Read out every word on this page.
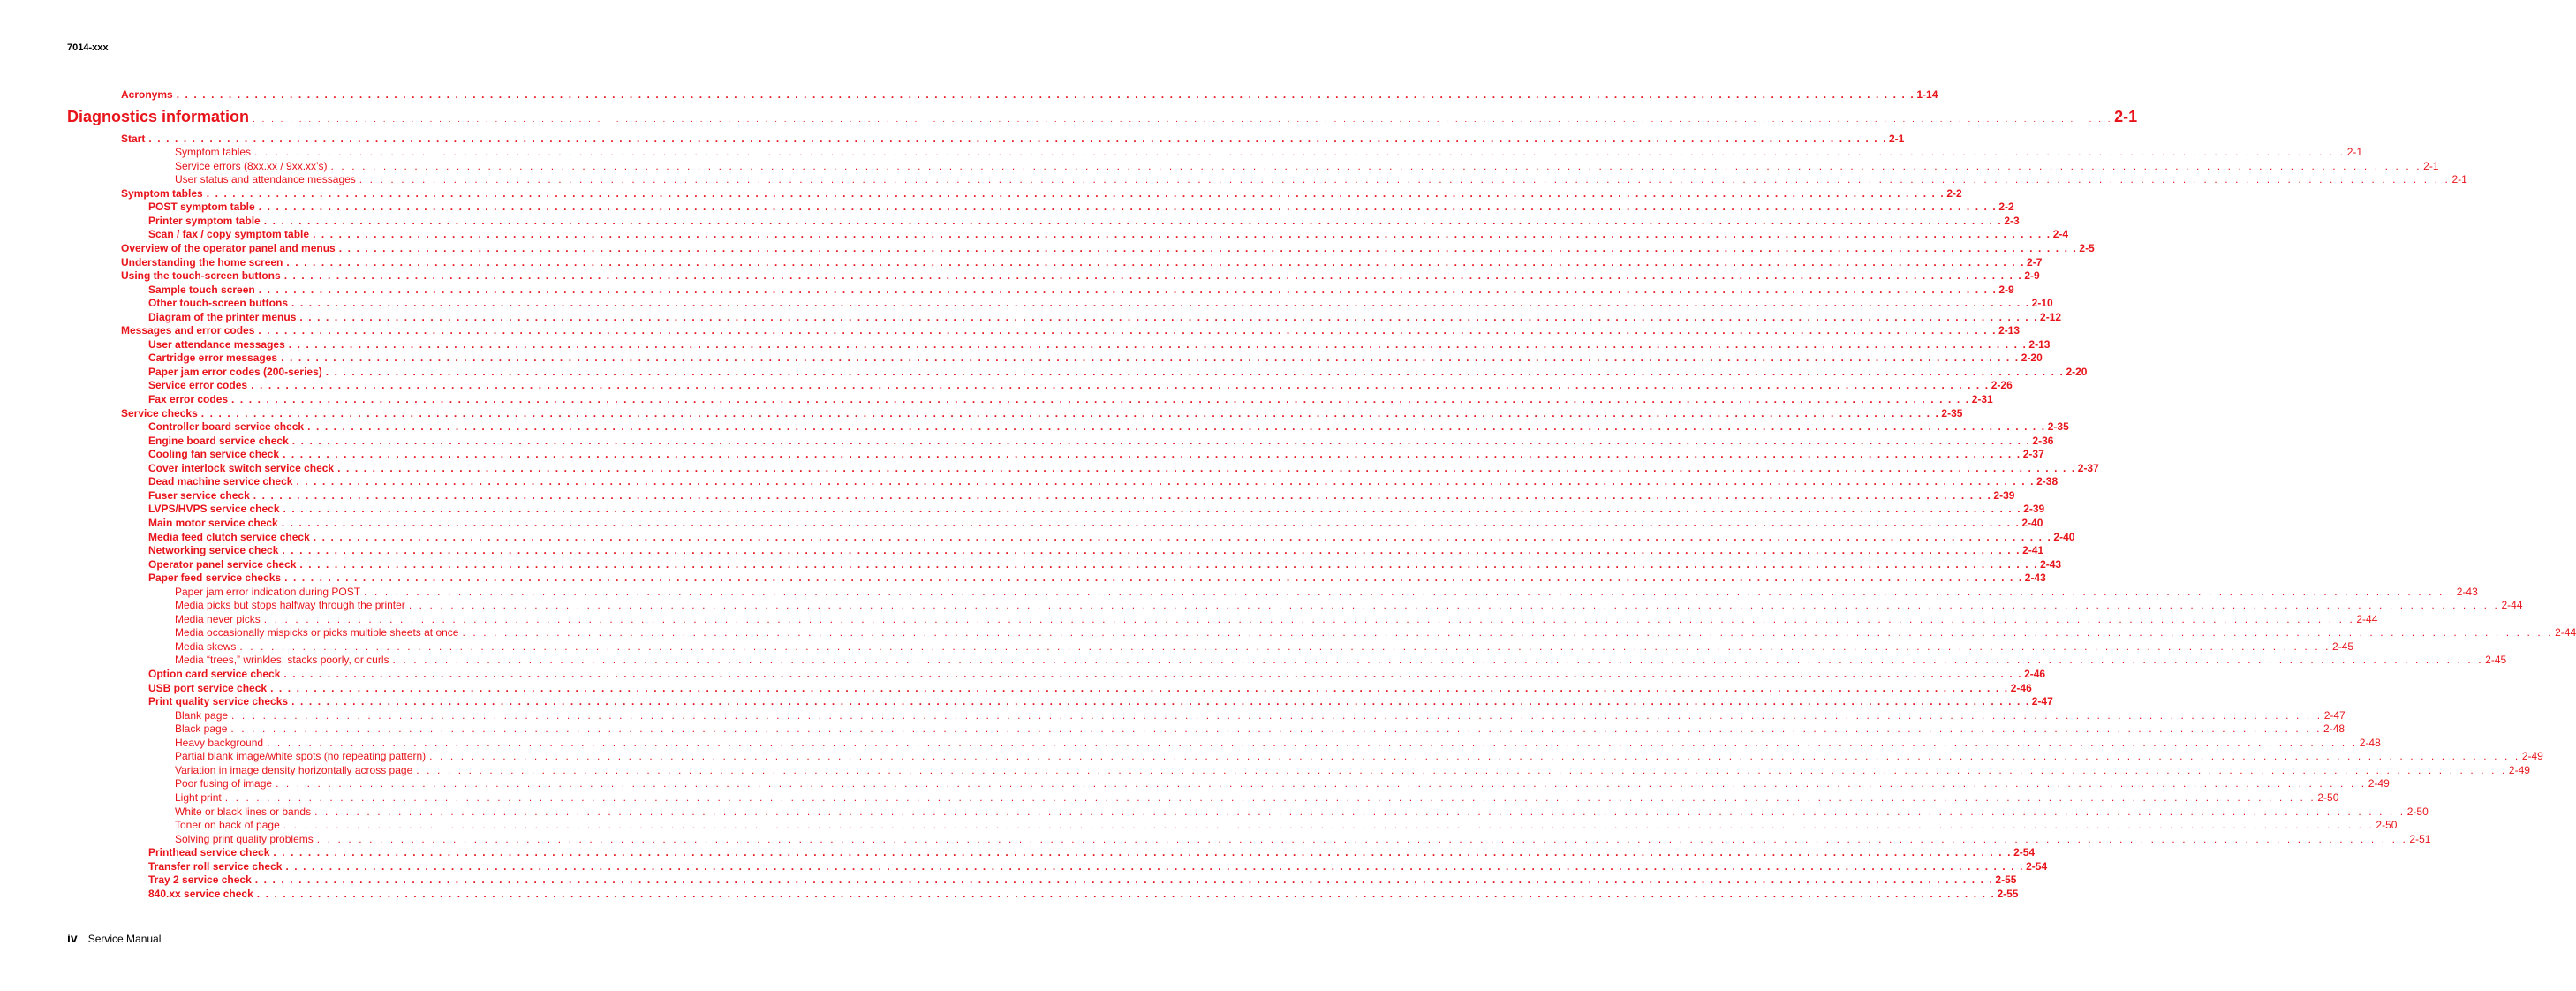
7014-xxx
Acronyms . . . . . . . . . . . . . . . . . . . . . . . . . . . . . . . . . . . . . . . . . . . . . . . . . . . . . . . . . . . . . . . . . . . . . . . . . . . . . . . . . . . . . . . . . . . . . . . . . . . . . . . . . . . . . . . . . . . . . . . . . . . . . . . . . . . . . . . . . . . . . . . . . . . . . . . . . . . . . . . . . . . . . . . . . . . . . . . . . . . . . . . . . . . . . . . . . . . . . . . . 1-14
Diagnostics information . . . . . . . . . . . . . . . . . . . . . . . . . . . . . . . . . . . . . . . . . . . . . . . . . . . . . . . . . . . . . . . . . . . . . . . . . . . . . . . . . . . . . . . . . . . . . . . . . . . . . . . . . . . . . . . . . . . . . . . . . . . . . . . . . . . . . . . . . . . . . . . . . . . . . . . . . . . . . . . . . . . . . . . . . . . . . . . . . . . . . . . . . . . . . . . . . . . . . . . . 2-1
Start . . . . . . . . . . . . . . . . . . . . . . . . . . . . . . . . . . . . . . . . . . . . . . . . . . . . . . . . . . . . . . . . . . . . . . . . . . . . . . . . . . . . . . . . . . . . . . . . . . . . . . . . . . . . . . . . . . . . . . . . . . . . . . . . . . . . . . . . . . . . . . . . . . . . . . . . . . . . . . . . . . . . . . . . . . . . . . . . . . . . . . . . . . . . . . . . . . . . . . . . 2-1
Symptom tables . . . . . . . . . . . . . . . . . . . . . . . . . . . . . . . . . . . . . . . . . . . . . . . . . . . . . . . . . . . . . . . . . . . . . . . . . . . . . . . . . . . . . . . . . . . . . . . . . . . . . . . . . . . . . . . . . . . . . . . . . . . . . . . . . . . . . . . . . . . . . . . . . . . . . . . . . . . . . . . . . . . . . . . . . . . . . . . . . . . . . . . . . . . . . . . . . . . . . . . . 2-1
Service errors (8xx.xx / 9xx.xx’s) . . . . . . . . . . . . . . . . . . . . . . . . . . . . . . . . . . . . . . . . . . . . . . . . . . . . . . . . . . . . . . . . . . . . . . . . . . . . . . . . . . . . . . . . . . . . . . . . . . . . . . . . . . . . . . . . . . . . . . . . . . . . . . . . . . . . . . . . . . . . . . . . . . . . . . . . . . . . . . . . . . . . . . . . . . . . . . . . . . . . . . . . . . . . . . . . . . . . . . . . 2-1
User status and attendance messages . . . . . . . . . . . . . . . . . . . . . . . . . . . . . . . . . . . . . . . . . . . . . . . . . . . . . . . . . . . . . . . . . . . . . . . . . . . . . . . . . . . . . . . . . . . . . . . . . . . . . . . . . . . . . . . . . . . . . . . . . . . . . . . . . . . . . . . . . . . . . . . . . . . . . . . . . . . . . . . . . . . . . . . . . . . . . . . . . . . . . . . . . . . . . . . . . . . . . . . . 2-1
Symptom tables . . . . . . . . . . . . . . . . . . . . . . . . . . . . . . . . . . . . . . . . . . . . . . . . . . . . . . . . . . . . . . . . . . . . . . . . . . . . . . . . . . . . . . . . . . . . . . . . . . . . . . . . . . . . . . . . . . . . . . . . . . . . . . . . . . . . . . . . . . . . . . . . . . . . . . . . . . . . . . . . . . . . . . . . . . . . . . . . . . . . . . . . . . . . . . . . . . . . . . . . 2-2
POST symptom table . . . . . . . . . . . . . . . . . . . . . . . . . . . . . . . . . . . . . . . . . . . . . . . . . . . . . . . . . . . . . . . . . . . . . . . . . . . . . . . . . . . . . . . . . . . . . . . . . . . . . . . . . . . . . . . . . . . . . . . . . . . . . . . . . . . . . . . . . . . . . . . . . . . . . . . . . . . . . . . . . . . . . . . . . . . . . . . . . . . . . . . . . . . . . . . . . . . . . . . . 2-2
Printer symptom table . . . . . . . . . . . . . . . . . . . . . . . . . . . . . . . . . . . . . . . . . . . . . . . . . . . . . . . . . . . . . . . . . . . . . . . . . . . . . . . . . . . . . . . . . . . . . . . . . . . . . . . . . . . . . . . . . . . . . . . . . . . . . . . . . . . . . . . . . . . . . . . . . . . . . . . . . . . . . . . . . . . . . . . . . . . . . . . . . . . . . . . . . . . . . . . . . . . . . . . . 2-3
Scan / fax / copy symptom table . . . . . . . . . . . . . . . . . . . . . . . . . . . . . . . . . . . . . . . . . . . . . . . . . . . . . . . . . . . . . . . . . . . . . . . . . . . . . . . . . . . . . . . . . . . . . . . . . . . . . . . . . . . . . . . . . . . . . . . . . . . . . . . . . . . . . . . . . . . . . . . . . . . . . . . . . . . . . . . . . . . . . . . . . . . . . . . . . . . . . . . . . . . . . . . . . . . . . . . . 2-4
Overview of the operator panel and menus . . . . . . . . . . . . . . . . . . . . . . . . . . . . . . . . . . . . . . . . . . . . . . . . . . . . . . . . . . . . . . . . . . . . . . . . . . . . . . . . . . . . . . . . . . . . . . . . . . . . . . . . . . . . . . . . . . . . . . . . . . . . . . . . . . . . . . . . . . . . . . . . . . . . . . . . . . . . . . . . . . . . . . . . . . . . . . . . . . . . . . . . . . . . . . . . . . . . . . . . 2-5
Understanding the home screen . . . . . . . . . . . . . . . . . . . . . . . . . . . . . . . . . . . . . . . . . . . . . . . . . . . . . . . . . . . . . . . . . . . . . . . . . . . . . . . . . . . . . . . . . . . . . . . . . . . . . . . . . . . . . . . . . . . . . . . . . . . . . . . . . . . . . . . . . . . . . . . . . . . . . . . . . . . . . . . . . . . . . . . . . . . . . . . . . . . . . . . . . . . . . . . . . . . . . . . . 2-7
Using the touch-screen buttons . . . . . . . . . . . . . . . . . . . . . . . . . . . . . . . . . . . . . . . . . . . . . . . . . . . . . . . . . . . . . . . . . . . . . . . . . . . . . . . . . . . . . . . . . . . . . . . . . . . . . . . . . . . . . . . . . . . . . . . . . . . . . . . . . . . . . . . . . . . . . . . . . . . . . . . . . . . . . . . . . . . . . . . . . . . . . . . . . . . . . . . . . . . . . . . . . . . . . . . . 2-9
Sample touch screen . . . . . . . . . . . . . . . . . . . . . . . . . . . . . . . . . . . . . . . . . . . . . . . . . . . . . . . . . . . . . . . . . . . . . . . . . . . . . . . . . . . . . . . . . . . . . . . . . . . . . . . . . . . . . . . . . . . . . . . . . . . . . . . . . . . . . . . . . . . . . . . . . . . . . . . . . . . . . . . . . . . . . . . . . . . . . . . . . . . . . . . . . . . . . . . . . . . . . . . . 2-9
Other touch-screen buttons . . . . . . . . . . . . . . . . . . . . . . . . . . . . . . . . . . . . . . . . . . . . . . . . . . . . . . . . . . . . . . . . . . . . . . . . . . . . . . . . . . . . . . . . . . . . . . . . . . . . . . . . . . . . . . . . . . . . . . . . . . . . . . . . . . . . . . . . . . . . . . . . . . . . . . . . . . . . . . . . . . . . . . . . . . . . . . . . . . . . . . . . . . . . . . . . . . . . . . . . 2-10
Diagram of the printer menus . . . . . . . . . . . . . . . . . . . . . . . . . . . . . . . . . . . . . . . . . . . . . . . . . . . . . . . . . . . . . . . . . . . . . . . . . . . . . . . . . . . . . . . . . . . . . . . . . . . . . . . . . . . . . . . . . . . . . . . . . . . . . . . . . . . . . . . . . . . . . . . . . . . . . . . . . . . . . . . . . . . . . . . . . . . . . . . . . . . . . . . . . . . . . . . . . . . . . . . . 2-12
Messages and error codes . . . . . . . . . . . . . . . . . . . . . . . . . . . . . . . . . . . . . . . . . . . . . . . . . . . . . . . . . . . . . . . . . . . . . . . . . . . . . . . . . . . . . . . . . . . . . . . . . . . . . . . . . . . . . . . . . . . . . . . . . . . . . . . . . . . . . . . . . . . . . . . . . . . . . . . . . . . . . . . . . . . . . . . . . . . . . . . . . . . . . . . . . . . . . . . . . . . . . . . . 2-13
User attendance messages . . . . . . . . . . . . . . . . . . . . . . . . . . . . . . . . . . . . . . . . . . . . . . . . . . . . . . . . . . . . . . . . . . . . . . . . . . . . . . . . . . . . . . . . . . . . . . . . . . . . . . . . . . . . . . . . . . . . . . . . . . . . . . . . . . . . . . . . . . . . . . . . . . . . . . . . . . . . . . . . . . . . . . . . . . . . . . . . . . . . . . . . . . . . . . . . . . . . . . . . 2-13
Cartridge error messages . . . . . . . . . . . . . . . . . . . . . . . . . . . . . . . . . . . . . . . . . . . . . . . . . . . . . . . . . . . . . . . . . . . . . . . . . . . . . . . . . . . . . . . . . . . . . . . . . . . . . . . . . . . . . . . . . . . . . . . . . . . . . . . . . . . . . . . . . . . . . . . . . . . . . . . . . . . . . . . . . . . . . . . . . . . . . . . . . . . . . . . . . . . . . . . . . . . . . . . . 2-20
Paper jam error codes (200-series) . . . . . . . . . . . . . . . . . . . . . . . . . . . . . . . . . . . . . . . . . . . . . . . . . . . . . . . . . . . . . . . . . . . . . . . . . . . . . . . . . . . . . . . . . . . . . . . . . . . . . . . . . . . . . . . . . . . . . . . . . . . . . . . . . . . . . . . . . . . . . . . . . . . . . . . . . . . . . . . . . . . . . . . . . . . . . . . . . . . . . . . . . . . . . . . . . . . . . . . . 2-20
Service error codes . . . . . . . . . . . . . . . . . . . . . . . . . . . . . . . . . . . . . . . . . . . . . . . . . . . . . . . . . . . . . . . . . . . . . . . . . . . . . . . . . . . . . . . . . . . . . . . . . . . . . . . . . . . . . . . . . . . . . . . . . . . . . . . . . . . . . . . . . . . . . . . . . . . . . . . . . . . . . . . . . . . . . . . . . . . . . . . . . . . . . . . . . . . . . . . . . . . . . . . . 2-26
Fax error codes . . . . . . . . . . . . . . . . . . . . . . . . . . . . . . . . . . . . . . . . . . . . . . . . . . . . . . . . . . . . . . . . . . . . . . . . . . . . . . . . . . . . . . . . . . . . . . . . . . . . . . . . . . . . . . . . . . . . . . . . . . . . . . . . . . . . . . . . . . . . . . . . . . . . . . . . . . . . . . . . . . . . . . . . . . . . . . . . . . . . . . . . . . . . . . . . . . . . . . . . 2-31
Service checks . . . . . . . . . . . . . . . . . . . . . . . . . . . . . . . . . . . . . . . . . . . . . . . . . . . . . . . . . . . . . . . . . . . . . . . . . . . . . . . . . . . . . . . . . . . . . . . . . . . . . . . . . . . . . . . . . . . . . . . . . . . . . . . . . . . . . . . . . . . . . . . . . . . . . . . . . . . . . . . . . . . . . . . . . . . . . . . . . . . . . . . . . . . . . . . . . . . . . . . . 2-35
Controller board service check . . . . . . . . . . . . . . . . . . . . . . . . . . . . . . . . . . . . . . . . . . . . . . . . . . . . . . . . . . . . . . . . . . . . . . . . . . . . . . . . . . . . . . . . . . . . . . . . . . . . . . . . . . . . . . . . . . . . . . . . . . . . . . . . . . . . . . . . . . . . . . . . . . . . . . . . . . . . . . . . . . . . . . . . . . . . . . . . . . . . . . . . . . . . . . . . . . . . . . . . 2-35
Engine board service check . . . . . . . . . . . . . . . . . . . . . . . . . . . . . . . . . . . . . . . . . . . . . . . . . . . . . . . . . . . . . . . . . . . . . . . . . . . . . . . . . . . . . . . . . . . . . . . . . . . . . . . . . . . . . . . . . . . . . . . . . . . . . . . . . . . . . . . . . . . . . . . . . . . . . . . . . . . . . . . . . . . . . . . . . . . . . . . . . . . . . . . . . . . . . . . . . . . . . . . . 2-36
Cooling fan service check . . . . . . . . . . . . . . . . . . . . . . . . . . . . . . . . . . . . . . . . . . . . . . . . . . . . . . . . . . . . . . . . . . . . . . . . . . . . . . . . . . . . . . . . . . . . . . . . . . . . . . . . . . . . . . . . . . . . . . . . . . . . . . . . . . . . . . . . . . . . . . . . . . . . . . . . . . . . . . . . . . . . . . . . . . . . . . . . . . . . . . . . . . . . . . . . . . . . . . . . 2-37
Cover interlock switch service check . . . . . . . . . . . . . . . . . . . . . . . . . . . . . . . . . . . . . . . . . . . . . . . . . . . . . . . . . . . . . . . . . . . . . . . . . . . . . . . . . . . . . . . . . . . . . . . . . . . . . . . . . . . . . . . . . . . . . . . . . . . . . . . . . . . . . . . . . . . . . . . . . . . . . . . . . . . . . . . . . . . . . . . . . . . . . . . . . . . . . . . . . . . . . . . . . . . . . . . . 2-37
Dead machine service check . . . . . . . . . . . . . . . . . . . . . . . . . . . . . . . . . . . . . . . . . . . . . . . . . . . . . . . . . . . . . . . . . . . . . . . . . . . . . . . . . . . . . . . . . . . . . . . . . . . . . . . . . . . . . . . . . . . . . . . . . . . . . . . . . . . . . . . . . . . . . . . . . . . . . . . . . . . . . . . . . . . . . . . . . . . . . . . . . . . . . . . . . . . . . . . . . . . . . . . . 2-38
Fuser service check . . . . . . . . . . . . . . . . . . . . . . . . . . . . . . . . . . . . . . . . . . . . . . . . . . . . . . . . . . . . . . . . . . . . . . . . . . . . . . . . . . . . . . . . . . . . . . . . . . . . . . . . . . . . . . . . . . . . . . . . . . . . . . . . . . . . . . . . . . . . . . . . . . . . . . . . . . . . . . . . . . . . . . . . . . . . . . . . . . . . . . . . . . . . . . . . . . . . . . . . 2-39
LVPS/HVPS service check . . . . . . . . . . . . . . . . . . . . . . . . . . . . . . . . . . . . . . . . . . . . . . . . . . . . . . . . . . . . . . . . . . . . . . . . . . . . . . . . . . . . . . . . . . . . . . . . . . . . . . . . . . . . . . . . . . . . . . . . . . . . . . . . . . . . . . . . . . . . . . . . . . . . . . . . . . . . . . . . . . . . . . . . . . . . . . . . . . . . . . . . . . . . . . . . . . . . . . . . 2-39
Main motor service check . . . . . . . . . . . . . . . . . . . . . . . . . . . . . . . . . . . . . . . . . . . . . . . . . . . . . . . . . . . . . . . . . . . . . . . . . . . . . . . . . . . . . . . . . . . . . . . . . . . . . . . . . . . . . . . . . . . . . . . . . . . . . . . . . . . . . . . . . . . . . . . . . . . . . . . . . . . . . . . . . . . . . . . . . . . . . . . . . . . . . . . . . . . . . . . . . . . . . . . . 2-40
Media feed clutch service check . . . . . . . . . . . . . . . . . . . . . . . . . . . . . . . . . . . . . . . . . . . . . . . . . . . . . . . . . . . . . . . . . . . . . . . . . . . . . . . . . . . . . . . . . . . . . . . . . . . . . . . . . . . . . . . . . . . . . . . . . . . . . . . . . . . . . . . . . . . . . . . . . . . . . . . . . . . . . . . . . . . . . . . . . . . . . . . . . . . . . . . . . . . . . . . . . . . . . . . . 2-40
Networking service check . . . . . . . . . . . . . . . . . . . . . . . . . . . . . . . . . . . . . . . . . . . . . . . . . . . . . . . . . . . . . . . . . . . . . . . . . . . . . . . . . . . . . . . . . . . . . . . . . . . . . . . . . . . . . . . . . . . . . . . . . . . . . . . . . . . . . . . . . . . . . . . . . . . . . . . . . . . . . . . . . . . . . . . . . . . . . . . . . . . . . . . . . . . . . . . . . . . . . . . . 2-41
Operator panel service check . . . . . . . . . . . . . . . . . . . . . . . . . . . . . . . . . . . . . . . . . . . . . . . . . . . . . . . . . . . . . . . . . . . . . . . . . . . . . . . . . . . . . . . . . . . . . . . . . . . . . . . . . . . . . . . . . . . . . . . . . . . . . . . . . . . . . . . . . . . . . . . . . . . . . . . . . . . . . . . . . . . . . . . . . . . . . . . . . . . . . . . . . . . . . . . . . . . . . . . . 2-43
Paper feed service checks . . . . . . . . . . . . . . . . . . . . . . . . . . . . . . . . . . . . . . . . . . . . . . . . . . . . . . . . . . . . . . . . . . . . . . . . . . . . . . . . . . . . . . . . . . . . . . . . . . . . . . . . . . . . . . . . . . . . . . . . . . . . . . . . . . . . . . . . . . . . . . . . . . . . . . . . . . . . . . . . . . . . . . . . . . . . . . . . . . . . . . . . . . . . . . . . . . . . . . . . 2-43
Paper jam error indication during POST . . . . . . . . . . . . . . . . . . . . . . . . . . . . . . . . . . . . . . . . . . . . . . . . . . . . . . . . . . . . . . . . . . . . . . . . . . . . . . . . . . . . . . . . . . . . . . . . . . . . . . . . . . . . . . . . . . . . . . . . . . . . . . . . . . . . . . . . . . . . . . . . . . . . . . . . . . . . . . . . . . . . . . . . . . . . . . . . . . . . . . . . . . . . . . . . . . . . . . . . 2-43
Media picks but stops halfway through the printer . . . . . . . . . . . . . . . . . . . . . . . . . . . . . . . . . . . . . . . . . . . . . . . . . . . . . . . . . . . . . . . . . . . . . . . . . . . . . . . . . . . . . . . . . . . . . . . . . . . . . . . . . . . . . . . . . . . . . . . . . . . . . . . . . . . . . . . . . . . . . . . . . . . . . . . . . . . . . . . . . . . . . . . . . . . . . . . . . . . . . . . . . . . . . . . . . . . . . . . . 2-44
Media never picks . . . . . . . . . . . . . . . . . . . . . . . . . . . . . . . . . . . . . . . . . . . . . . . . . . . . . . . . . . . . . . . . . . . . . . . . . . . . . . . . . . . . . . . . . . . . . . . . . . . . . . . . . . . . . . . . . . . . . . . . . . . . . . . . . . . . . . . . . . . . . . . . . . . . . . . . . . . . . . . . . . . . . . . . . . . . . . . . . . . . . . . . . . . . . . . . . . . . . . . . 2-44
Media occasionally mispicks or picks multiple sheets at once . . . . . . . . . . . . . . . . . . . . . . . . . . . . . . . . . . . . . . . . . . . . . . . . . . . . . . . . . . . . . . . . . . . . . . . . . . . . . . . . . . . . . . . . . . . . . . . . . . . . . . . . . . . . . . . . . . . . . . . . . . . . . . . . . . . . . . . . . . . . . . . . . . . . . . . . . . . . . . . . . . . . . . . . . . . . . . . . . . . . . . . . . . . . . . . . . . . . . . . . 2-44
Media skews . . . . . . . . . . . . . . . . . . . . . . . . . . . . . . . . . . . . . . . . . . . . . . . . . . . . . . . . . . . . . . . . . . . . . . . . . . . . . . . . . . . . . . . . . . . . . . . . . . . . . . . . . . . . . . . . . . . . . . . . . . . . . . . . . . . . . . . . . . . . . . . . . . . . . . . . . . . . . . . . . . . . . . . . . . . . . . . . . . . . . . . . . . . . . . . . . . . . . . . . 2-45
Media “trees,” wrinkles, stacks poorly, or curls . . . . . . . . . . . . . . . . . . . . . . . . . . . . . . . . . . . . . . . . . . . . . . . . . . . . . . . . . . . . . . . . . . . . . . . . . . . . . . . . . . . . . . . . . . . . . . . . . . . . . . . . . . . . . . . . . . . . . . . . . . . . . . . . . . . . . . . . . . . . . . . . . . . . . . . . . . . . . . . . . . . . . . . . . . . . . . . . . . . . . . . . . . . . . . . . . . . . . . . . 2-45
Option card service check . . . . . . . . . . . . . . . . . . . . . . . . . . . . . . . . . . . . . . . . . . . . . . . . . . . . . . . . . . . . . . . . . . . . . . . . . . . . . . . . . . . . . . . . . . . . . . . . . . . . . . . . . . . . . . . . . . . . . . . . . . . . . . . . . . . . . . . . . . . . . . . . . . . . . . . . . . . . . . . . . . . . . . . . . . . . . . . . . . . . . . . . . . . . . . . . . . . . . . . . 2-46
USB port service check . . . . . . . . . . . . . . . . . . . . . . . . . . . . . . . . . . . . . . . . . . . . . . . . . . . . . . . . . . . . . . . . . . . . . . . . . . . . . . . . . . . . . . . . . . . . . . . . . . . . . . . . . . . . . . . . . . . . . . . . . . . . . . . . . . . . . . . . . . . . . . . . . . . . . . . . . . . . . . . . . . . . . . . . . . . . . . . . . . . . . . . . . . . . . . . . . . . . . . . . 2-46
Print quality service checks . . . . . . . . . . . . . . . . . . . . . . . . . . . . . . . . . . . . . . . . . . . . . . . . . . . . . . . . . . . . . . . . . . . . . . . . . . . . . . . . . . . . . . . . . . . . . . . . . . . . . . . . . . . . . . . . . . . . . . . . . . . . . . . . . . . . . . . . . . . . . . . . . . . . . . . . . . . . . . . . . . . . . . . . . . . . . . . . . . . . . . . . . . . . . . . . . . . . . . . . 2-47
Blank page . . . . . . . . . . . . . . . . . . . . . . . . . . . . . . . . . . . . . . . . . . . . . . . . . . . . . . . . . . . . . . . . . . . . . . . . . . . . . . . . . . . . . . . . . . . . . . . . . . . . . . . . . . . . . . . . . . . . . . . . . . . . . . . . . . . . . . . . . . . . . . . . . . . . . . . . . . . . . . . . . . . . . . . . . . . . . . . . . . . . . . . . . . . . . . . . . . . . . . . . 2-47
Black page . . . . . . . . . . . . . . . . . . . . . . . . . . . . . . . . . . . . . . . . . . . . . . . . . . . . . . . . . . . . . . . . . . . . . . . . . . . . . . . . . . . . . . . . . . . . . . . . . . . . . . . . . . . . . . . . . . . . . . . . . . . . . . . . . . . . . . . . . . . . . . . . . . . . . . . . . . . . . . . . . . . . . . . . . . . . . . . . . . . . . . . . . . . . . . . . . . . . . . . . 2-48
Heavy background . . . . . . . . . . . . . . . . . . . . . . . . . . . . . . . . . . . . . . . . . . . . . . . . . . . . . . . . . . . . . . . . . . . . . . . . . . . . . . . . . . . . . . . . . . . . . . . . . . . . . . . . . . . . . . . . . . . . . . . . . . . . . . . . . . . . . . . . . . . . . . . . . . . . . . . . . . . . . . . . . . . . . . . . . . . . . . . . . . . . . . . . . . . . . . . . . . . . . . . . 2-48
Partial blank image/white spots (no repeating pattern) . . . . . . . . . . . . . . . . . . . . . . . . . . . . . . . . . . . . . . . . . . . . . . . . . . . . . . . . . . . . . . . . . . . . . . . . . . . . . . . . . . . . . . . . . . . . . . . . . . . . . . . . . . . . . . . . . . . . . . . . . . . . . . . . . . . . . . . . . . . . . . . . . . . . . . . . . . . . . . . . . . . . . . . . . . . . . . . . . . . . . . . . . . . . . . . . . . . . . . . . 2-49
Variation in image density horizontally across page . . . . . . . . . . . . . . . . . . . . . . . . . . . . . . . . . . . . . . . . . . . . . . . . . . . . . . . . . . . . . . . . . . . . . . . . . . . . . . . . . . . . . . . . . . . . . . . . . . . . . . . . . . . . . . . . . . . . . . . . . . . . . . . . . . . . . . . . . . . . . . . . . . . . . . . . . . . . . . . . . . . . . . . . . . . . . . . . . . . . . . . . . . . . . . . . . . . . . . . . 2-49
Poor fusing of image . . . . . . . . . . . . . . . . . . . . . . . . . . . . . . . . . . . . . . . . . . . . . . . . . . . . . . . . . . . . . . . . . . . . . . . . . . . . . . . . . . . . . . . . . . . . . . . . . . . . . . . . . . . . . . . . . . . . . . . . . . . . . . . . . . . . . . . . . . . . . . . . . . . . . . . . . . . . . . . . . . . . . . . . . . . . . . . . . . . . . . . . . . . . . . . . . . . . . . . . 2-49
Light print . . . . . . . . . . . . . . . . . . . . . . . . . . . . . . . . . . . . . . . . . . . . . . . . . . . . . . . . . . . . . . . . . . . . . . . . . . . . . . . . . . . . . . . . . . . . . . . . . . . . . . . . . . . . . . . . . . . . . . . . . . . . . . . . . . . . . . . . . . . . . . . . . . . . . . . . . . . . . . . . . . . . . . . . . . . . . . . . . . . . . . . . . . . . . . . . . . . . . . . . 2-50
White or black lines or bands . . . . . . . . . . . . . . . . . . . . . . . . . . . . . . . . . . . . . . . . . . . . . . . . . . . . . . . . . . . . . . . . . . . . . . . . . . . . . . . . . . . . . . . . . . . . . . . . . . . . . . . . . . . . . . . . . . . . . . . . . . . . . . . . . . . . . . . . . . . . . . . . . . . . . . . . . . . . . . . . . . . . . . . . . . . . . . . . . . . . . . . . . . . . . . . . . . . . . . . . 2-50
Toner on back of page . . . . . . . . . . . . . . . . . . . . . . . . . . . . . . . . . . . . . . . . . . . . . . . . . . . . . . . . . . . . . . . . . . . . . . . . . . . . . . . . . . . . . . . . . . . . . . . . . . . . . . . . . . . . . . . . . . . . . . . . . . . . . . . . . . . . . . . . . . . . . . . . . . . . . . . . . . . . . . . . . . . . . . . . . . . . . . . . . . . . . . . . . . . . . . . . . . . . . . . . 2-50
Solving print quality problems . . . . . . . . . . . . . . . . . . . . . . . . . . . . . . . . . . . . . . . . . . . . . . . . . . . . . . . . . . . . . . . . . . . . . . . . . . . . . . . . . . . . . . . . . . . . . . . . . . . . . . . . . . . . . . . . . . . . . . . . . . . . . . . . . . . . . . . . . . . . . . . . . . . . . . . . . . . . . . . . . . . . . . . . . . . . . . . . . . . . . . . . . . . . . . . . . . . . . . . . 2-51
Printhead service check . . . . . . . . . . . . . . . . . . . . . . . . . . . . . . . . . . . . . . . . . . . . . . . . . . . . . . . . . . . . . . . . . . . . . . . . . . . . . . . . . . . . . . . . . . . . . . . . . . . . . . . . . . . . . . . . . . . . . . . . . . . . . . . . . . . . . . . . . . . . . . . . . . . . . . . . . . . . . . . . . . . . . . . . . . . . . . . . . . . . . . . . . . . . . . . . . . . . . . . . 2-54
Transfer roll service check . . . . . . . . . . . . . . . . . . . . . . . . . . . . . . . . . . . . . . . . . . . . . . . . . . . . . . . . . . . . . . . . . . . . . . . . . . . . . . . . . . . . . . . . . . . . . . . . . . . . . . . . . . . . . . . . . . . . . . . . . . . . . . . . . . . . . . . . . . . . . . . . . . . . . . . . . . . . . . . . . . . . . . . . . . . . . . . . . . . . . . . . . . . . . . . . . . . . . . . . 2-54
Tray 2 service check . . . . . . . . . . . . . . . . . . . . . . . . . . . . . . . . . . . . . . . . . . . . . . . . . . . . . . . . . . . . . . . . . . . . . . . . . . . . . . . . . . . . . . . . . . . . . . . . . . . . . . . . . . . . . . . . . . . . . . . . . . . . . . . . . . . . . . . . . . . . . . . . . . . . . . . . . . . . . . . . . . . . . . . . . . . . . . . . . . . . . . . . . . . . . . . . . . . . . . . . 2-55
840.xx service check . . . . . . . . . . . . . . . . . . . . . . . . . . . . . . . . . . . . . . . . . . . . . . . . . . . . . . . . . . . . . . . . . . . . . . . . . . . . . . . . . . . . . . . . . . . . . . . . . . . . . . . . . . . . . . . . . . . . . . . . . . . . . . . . . . . . . . . . . . . . . . . . . . . . . . . . . . . . . . . . . . . . . . . . . . . . . . . . . . . . . . . . . . . . . . . . . . . . . . . . 2-55
iv Service Manual
